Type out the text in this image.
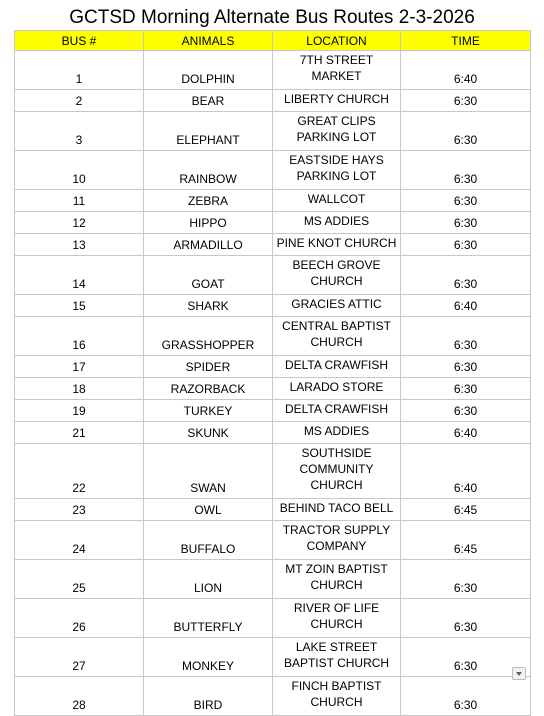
GCTSD Morning Alternate Bus Routes 2-3-2026
BUS #	ANIMALS	LOCATION	TIME
1	DOLPHIN	7TH STREET MARKET	6:40
2	BEAR	LIBERTY CHURCH	6:30
3	ELEPHANT	GREAT CLIPS PARKING LOT	6:30
10	RAINBOW	EASTSIDE HAYS PARKING LOT	6:30
11	ZEBRA	WALLCOT	6:30
12	HIPPO	MS ADDIES	6:30
13	ARMADILLO	PINE KNOT CHURCH	6:30
14	GOAT	BEECH GROVE CHURCH	6:30
15	SHARK	GRACIES ATTIC	6:40
16	GRASSHOPPER	CENTRAL BAPTIST CHURCH	6:30
17	SPIDER	DELTA CRAWFISH	6:30
18	RAZORBACK	LARADO STORE	6:30
19	TURKEY	DELTA CRAWFISH	6:30
21	SKUNK	MS ADDIES	6:40
22	SWAN	SOUTHSIDE COMMUNITY CHURCH	6:40
23	OWL	BEHIND TACO BELL	6:45
24	BUFFALO	TRACTOR SUPPLY COMPANY	6:45
25	LION	MT ZOIN BAPTIST CHURCH	6:30
26	BUTTERFLY	RIVER OF LIFE CHURCH	6:30
27	MONKEY	LAKE STREET BAPTIST CHURCH	6:30
28	BIRD	FINCH BAPTIST CHURCH	6:30
